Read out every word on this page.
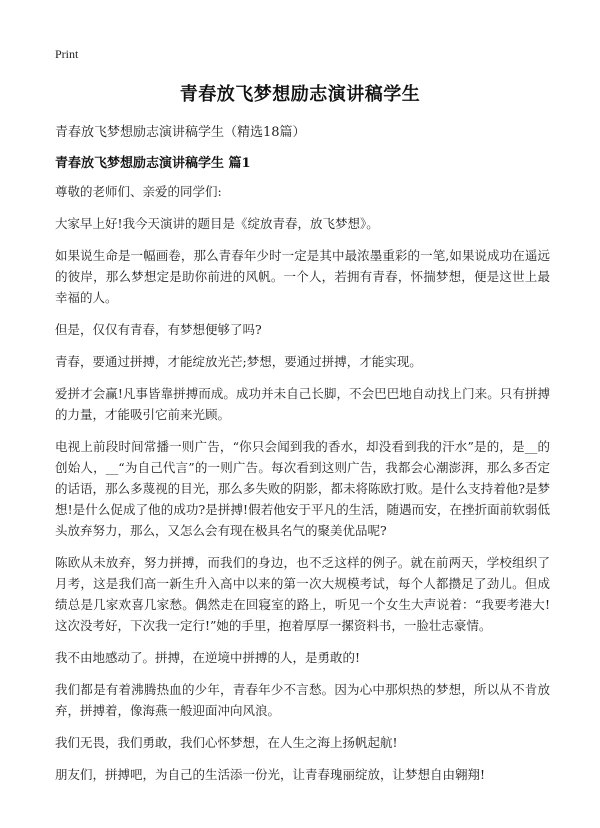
Print
青春放飞梦想励志演讲稿学生
青春放飞梦想励志演讲稿学生（精选18篇）
青春放飞梦想励志演讲稿学生 篇1

尊敬的老师们、亲爱的同学们:

大家早上好!我今天演讲的题目是《绽放青春，放飞梦想》。

如果说生命是一幅画卷，那么青春年少时一定是其中最浓墨重彩的一笔,如果说成功在遥远的彼岸，那么梦想定是助你前进的风帆。一个人，若拥有青春，怀揣梦想，便是这世上最幸福的人。

但是，仅仅有青春，有梦想便够了吗?

青春，要通过拼搏，才能绽放光芒;梦想，要通过拼搏，才能实现。

爱拼才会赢!凡事皆靠拼搏而成。成功并未自己长脚，不会巴巴地自动找上门来。只有拼搏的力量，才能吸引它前来光顾。

电视上前段时间常播一则广告，“你只会闻到我的香水，却没看到我的汗水”是的，是__的创始人，__“为自己代言”的一则广告。每次看到这则广告，我都会心潮澎湃，那么多否定的话语，那么多蔑视的目光，那么多失败的阴影，都未将陈欧打败。是什么支持着他?是梦想!是什么促成了他的成功?是拼搏!假若他安于平凡的生活，随遇而安，在挫折面前软弱低头放弃努力，那么，又怎么会有现在极具名气的聚美优品呢?

陈欧从未放弃，努力拼搏，而我们的身边，也不乏这样的例子。就在前两天，学校组织了月考，这是我们高一新生升入高中以来的第一次大规模考试，每个人都攒足了劲儿。但成绩总是几家欢喜几家愁。偶然走在回寝室的路上，听见一个女生大声说着：“我要考港大!这次没考好，下次我一定行!”她的手里，抱着厚厚一摞资料书，一脸壮志豪情。

我不由地感动了。拼搏，在逆境中拼搏的人，是勇敢的!

我们都是有着沸腾热血的少年，青春年少不言愁。因为心中那炽热的梦想，所以从不肯放弃，拼搏着，像海燕一般迎面冲向风浪。

我们无畏，我们勇敢，我们心怀梦想，在人生之海上扬帆起航!

朋友们，拼搏吧，为自己的生活添一份光，让青春瑰丽绽放，让梦想自由翱翔!
